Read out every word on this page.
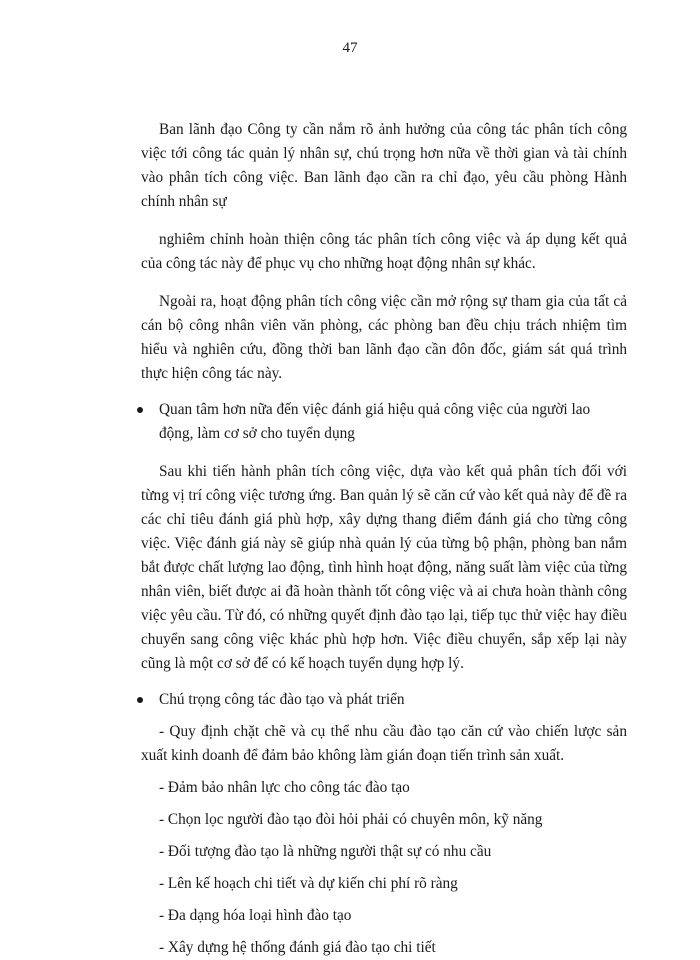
47

Ban lãnh đạo Công ty cần nắm rõ ảnh hưởng của công tác phân tích công việc tới công tác quản lý nhân sự, chú trọng hơn nữa về thời gian và tài chính vào phân tích công việc. Ban lãnh đạo cần ra chỉ đạo, yêu cầu phòng Hành chính nhân sự

nghiêm chỉnh hoàn thiện công tác phân tích công việc và áp dụng kết quả của công tác này để phục vụ cho những hoạt động nhân sự khác.

Ngoài ra, hoạt động phân tích công việc cần mở rộng sự tham gia của tất cả cán bộ công nhân viên văn phòng, các phòng ban đều chịu trách nhiệm tìm hiểu và nghiên cứu, đồng thời ban lãnh đạo cần đôn đốc, giám sát quá trình thực hiện công tác này.

Quan tâm hơn nữa đến việc đánh giá hiệu quả công việc của người lao động, làm cơ sở cho tuyển dụng

Sau khi tiến hành phân tích công việc, dựa vào kết quả phân tích đối với từng vị trí công việc tương ứng. Ban quản lý sẽ căn cứ vào kết quả này để đề ra các chỉ tiêu đánh giá phù hợp, xây dựng thang điểm đánh giá cho từng công việc. Việc đánh giá này sẽ giúp nhà quản lý của từng bộ phận, phòng ban nắm bắt được chất lượng lao động, tình hình hoạt động, năng suất làm việc của từng nhân viên, biết được ai đã hoàn thành tốt công việc và ai chưa hoàn thành công việc yêu cầu. Từ đó, có những quyết định đào tạo lại, tiếp tục thử việc hay điều chuyển sang công việc khác phù hợp hơn. Việc điều chuyển, sắp xếp lại này cũng là một cơ sở để có kế hoạch tuyển dụng hợp lý.

Chú trọng công tác đào tạo và phát triển

- Quy định chặt chẽ và cụ thể nhu cầu đào tạo căn cứ vào chiến lược sản xuất kinh doanh để đảm bảo không làm gián đoạn tiến trình sản xuất.

- Đảm bảo nhân lực cho công tác đào tạo

- Chọn lọc người đào tạo đòi hỏi phải có chuyên môn, kỹ năng

- Đối tượng đào tạo là những người thật sự có nhu cầu

- Lên kế hoạch chi tiết và dự kiến chi phí rõ ràng

- Đa dạng hóa loại hình đào tạo

- Xây dựng hệ thống đánh giá đào tạo chi tiết
